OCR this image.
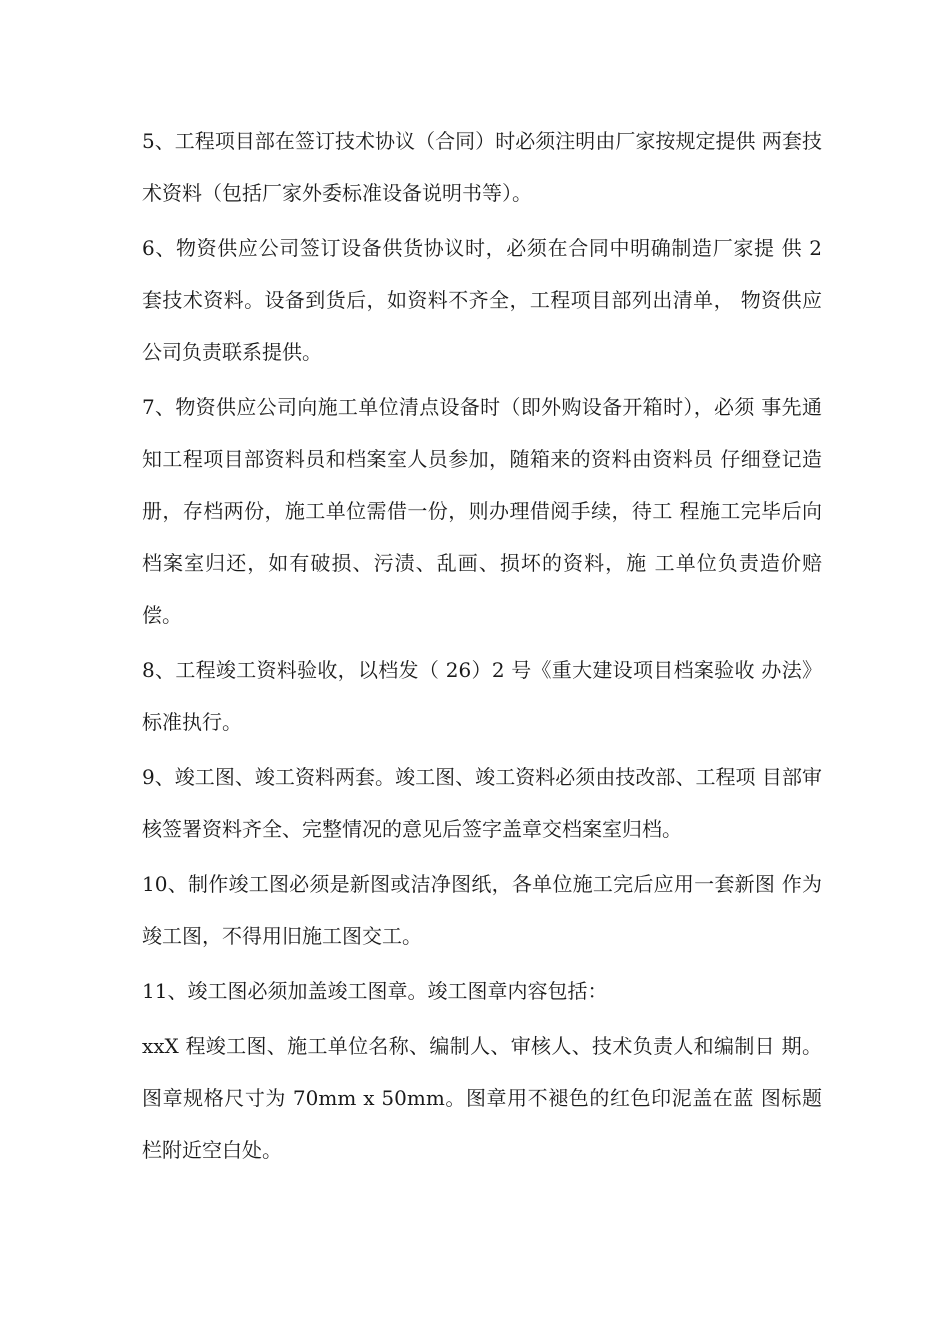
5、工程项目部在签订技术协议（合同）时必须注明由厂家按规定提供 两套技术资料（包括厂家外委标准设备说明书等）。

6、物资供应公司签订设备供货协议时，必须在合同中明确制造厂家提 供 2 套技术资料。设备到货后，如资料不齐全，工程项目部列出清单， 物资供应公司负责联系提供。

7、物资供应公司向施工单位清点设备时（即外购设备开箱时），必须 事先通知工程项目部资料员和档案室人员参加，随箱来的资料由资料员 仔细登记造册，存档两份，施工单位需借一份，则办理借阅手续，待工 程施工完毕后向档案室归还，如有破损、污渍、乱画、损坏的资料，施 工单位负责造价赔偿。

8、工程竣工资料验收，以档发（ 26）2 号《重大建设项目档案验收 办法》标准执行。

9、竣工图、竣工资料两套。竣工图、竣工资料必须由技改部、工程项 目部审核签署资料齐全、完整情况的意见后签字盖章交档案室归档。

10、制作竣工图必须是新图或洁净图纸，各单位施工完后应用一套新图 作为竣工图，不得用旧施工图交工。

11、竣工图必须加盖竣工图章。竣工图章内容包括：

xxX 程竣工图、施工单位名称、编制人、审核人、技术负责人和编制日 期。图章规格尺寸为 70mm x 50mm。图章用不褪色的红色印泥盖在蓝 图标题栏附近空白处。
